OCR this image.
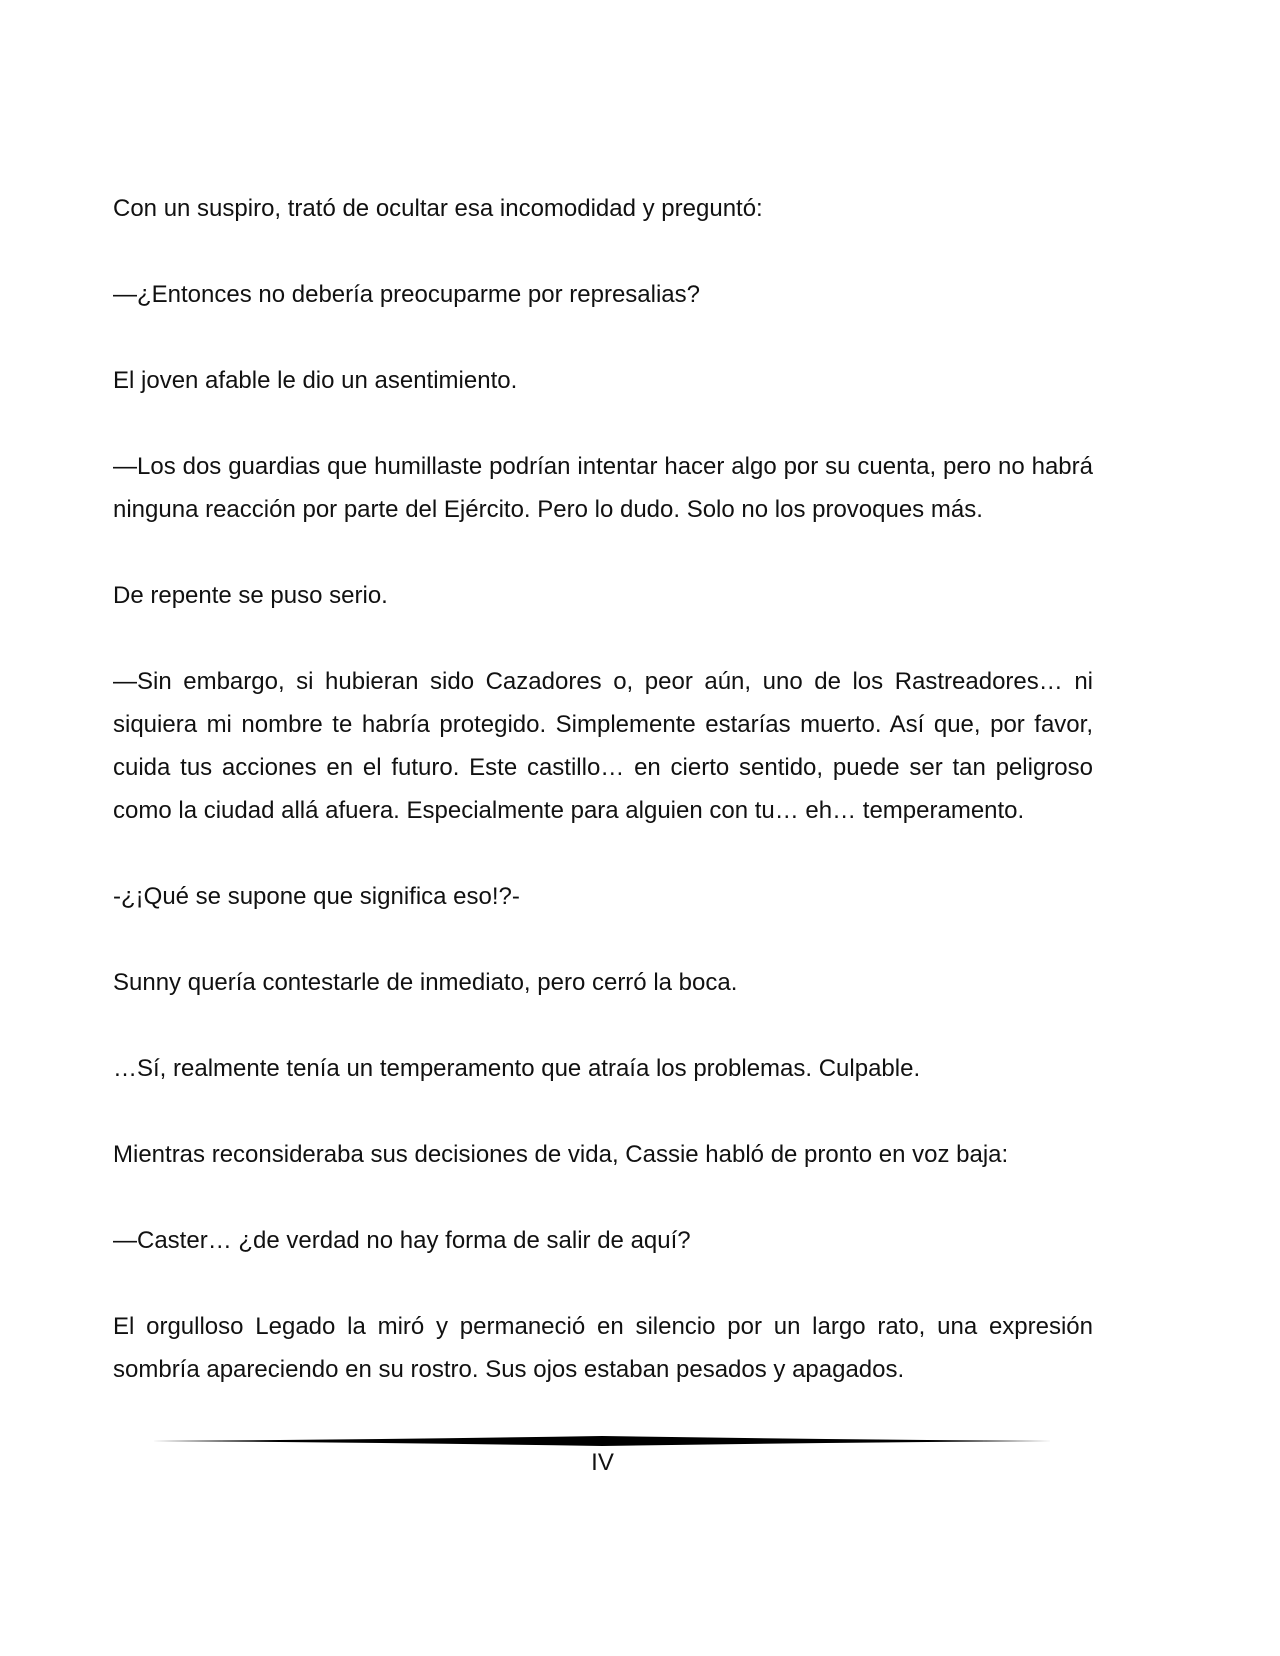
Con un suspiro, trató de ocultar esa incomodidad y preguntó:

—¿Entonces no debería preocuparme por represalias?

El joven afable le dio un asentimiento.

—Los dos guardias que humillaste podrían intentar hacer algo por su cuenta, pero no habrá ninguna reacción por parte del Ejército. Pero lo dudo. Solo no los provoques más.

De repente se puso serio.

—Sin embargo, si hubieran sido Cazadores o, peor aún, uno de los Rastreadores… ni siquiera mi nombre te habría protegido. Simplemente estarías muerto. Así que, por favor, cuida tus acciones en el futuro. Este castillo… en cierto sentido, puede ser tan peligroso como la ciudad allá afuera. Especialmente para alguien con tu… eh… temperamento.

-¿¡Qué se supone que significa eso!?-

Sunny quería contestarle de inmediato, pero cerró la boca.

…Sí, realmente tenía un temperamento que atraía los problemas. Culpable.

Mientras reconsideraba sus decisiones de vida, Cassie habló de pronto en voz baja:

—Caster… ¿de verdad no hay forma de salir de aquí?

El orgulloso Legado la miró y permaneció en silencio por un largo rato, una expresión sombría apareciendo en su rostro. Sus ojos estaban pesados y apagados.

IV
